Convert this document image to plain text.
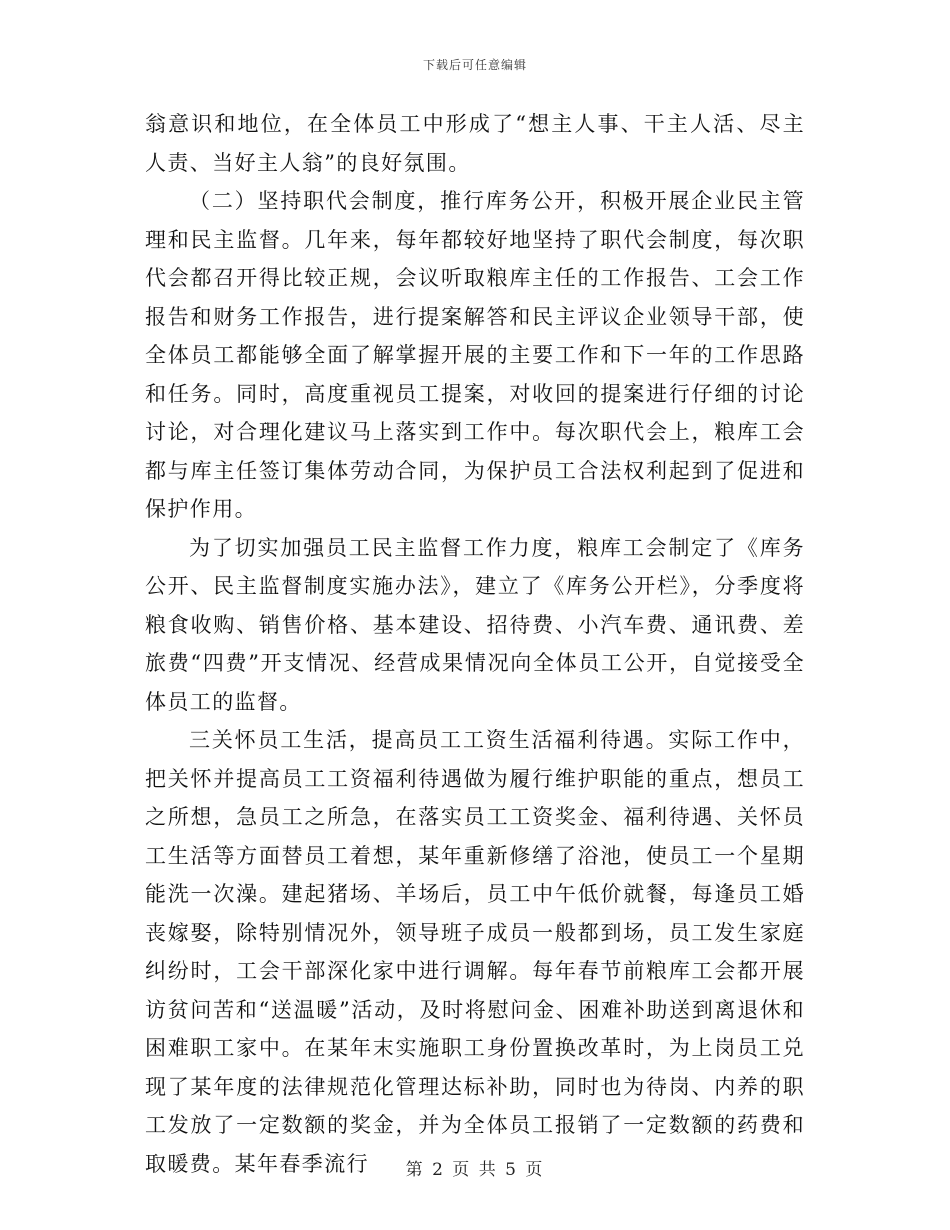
下载后可任意编辑

翁意识和地位，在全体员工中形成了“想主人事、干主人活、尽主人责、当好主人翁”的良好氛围。

（二）坚持职代会制度，推行库务公开，积极开展企业民主管理和民主监督。几年来，每年都较好地坚持了职代会制度，每次职代会都召开得比较正规，会议听取粮库主任的工作报告、工会工作报告和财务工作报告，进行提案解答和民主评议企业领导干部，使全体员工都能够全面了解掌握开展的主要工作和下一年的工作思路和任务。同时，高度重视员工提案，对收回的提案进行仔细的讨论讨论，对合理化建议马上落实到工作中。每次职代会上，粮库工会都与库主任签订集体劳动合同，为保护员工合法权利起到了促进和保护作用。

为了切实加强员工民主监督工作力度，粮库工会制定了《库务公开、民主监督制度实施办法》，建立了《库务公开栏》，分季度将粮食收购、销售价格、基本建设、招待费、小汽车费、通讯费、差旅费“四费”开支情况、经营成果情况向全体员工公开，自觉接受全体员工的监督。

三关怀员工生活，提高员工工资生活福利待遇。实际工作中，把关怀并提高员工工资福利待遇做为履行维护职能的重点，想员工之所想，急员工之所急，在落实员工工资奖金、福利待遇、关怀员工生活等方面替员工着想，某年重新修缮了浴池，使员工一个星期能洗一次澡。建起猪场、羊场后，员工中午低价就餐，每逢员工婚丧嫁娶，除特别情况外，领导班子成员一般都到场，员工发生家庭纠纷时，工会干部深化家中进行调解。每年春节前粮库工会都开展访贫问苦和“送温暖”活动，及时将慰问金、困难补助送到离退休和困难职工家中。在某年末实施职工身份置换改革时，为上岗员工兑现了某年度的法律规范化管理达标补助，同时也为待岗、内养的职工发放了一定数额的奖金，并为全体员工报销了一定数额的药费和取暖费。某年春季流行	第 2 页 共 5 页
